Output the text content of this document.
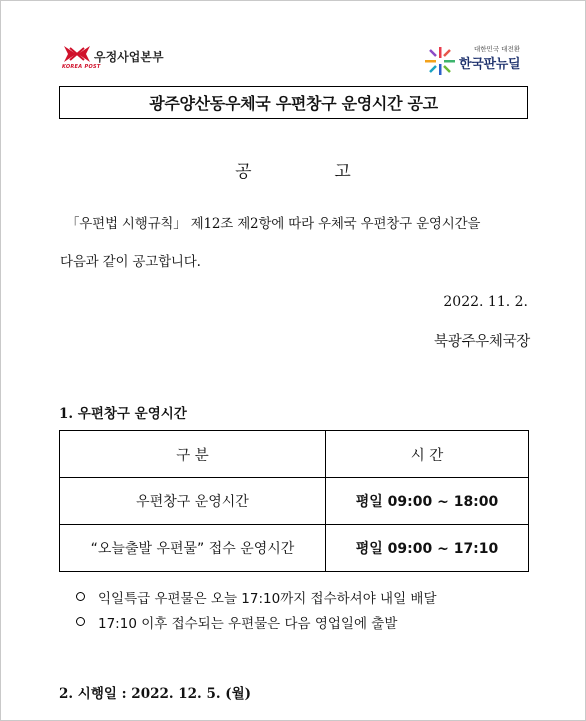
KOREA POST
우정사업본부
대한민국 대전환
한국판뉴딜
광주양산동우체국 우편창구 운영시간 공고
공	고
「우편법 시행규칙」 제12조 제2항에 따라 우체국 우편창구 운영시간을
다음과 같이 공고합니다.
2022. 11. 2.
북광주우체국장
1. 우편창구 운영시간
구 분	시 간
우편창구 운영시간	평일 09:00 ~ 18:00
“오늘출발 우편물” 접수 운영시간	평일 09:00 ~ 17:10
익일특급 우편물은 오늘 17:10까지 접수하셔야 내일 배달
17:10 이후 접수되는 우편물은 다음 영업일에 출발
2. 시행일 : 2022. 12. 5. (월)
